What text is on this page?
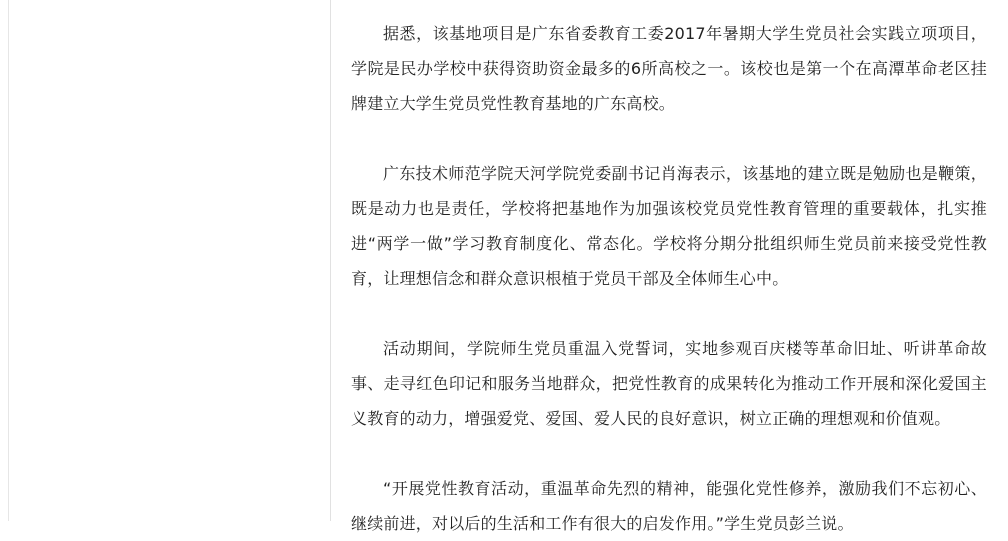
据悉，该基地项目是广东省委教育工委2017年暑期大学生党员社会实践立项项目，学院是民办学校中获得资助资金最多的6所高校之一。该校也是第一个在高潭革命老区挂牌建立大学生党员党性教育基地的广东高校。

广东技术师范学院天河学院党委副书记肖海表示，该基地的建立既是勉励也是鞭策，既是动力也是责任，学校将把基地作为加强该校党员党性教育管理的重要载体，扎实推进“两学一做”学习教育制度化、常态化。学校将分期分批组织师生党员前来接受党性教育，让理想信念和群众意识根植于党员干部及全体师生心中。

活动期间，学院师生党员重温入党誓词，实地参观百庆楼等革命旧址、听讲革命故事、走寻红色印记和服务当地群众，把党性教育的成果转化为推动工作开展和深化爱国主义教育的动力，增强爱党、爱国、爱人民的良好意识，树立正确的理想观和价值观。

“开展党性教育活动，重温革命先烈的精神，能强化党性修养，激励我们不忘初心、继续前进，对以后的生活和工作有很大的启发作用。”学生党员彭兰说。
